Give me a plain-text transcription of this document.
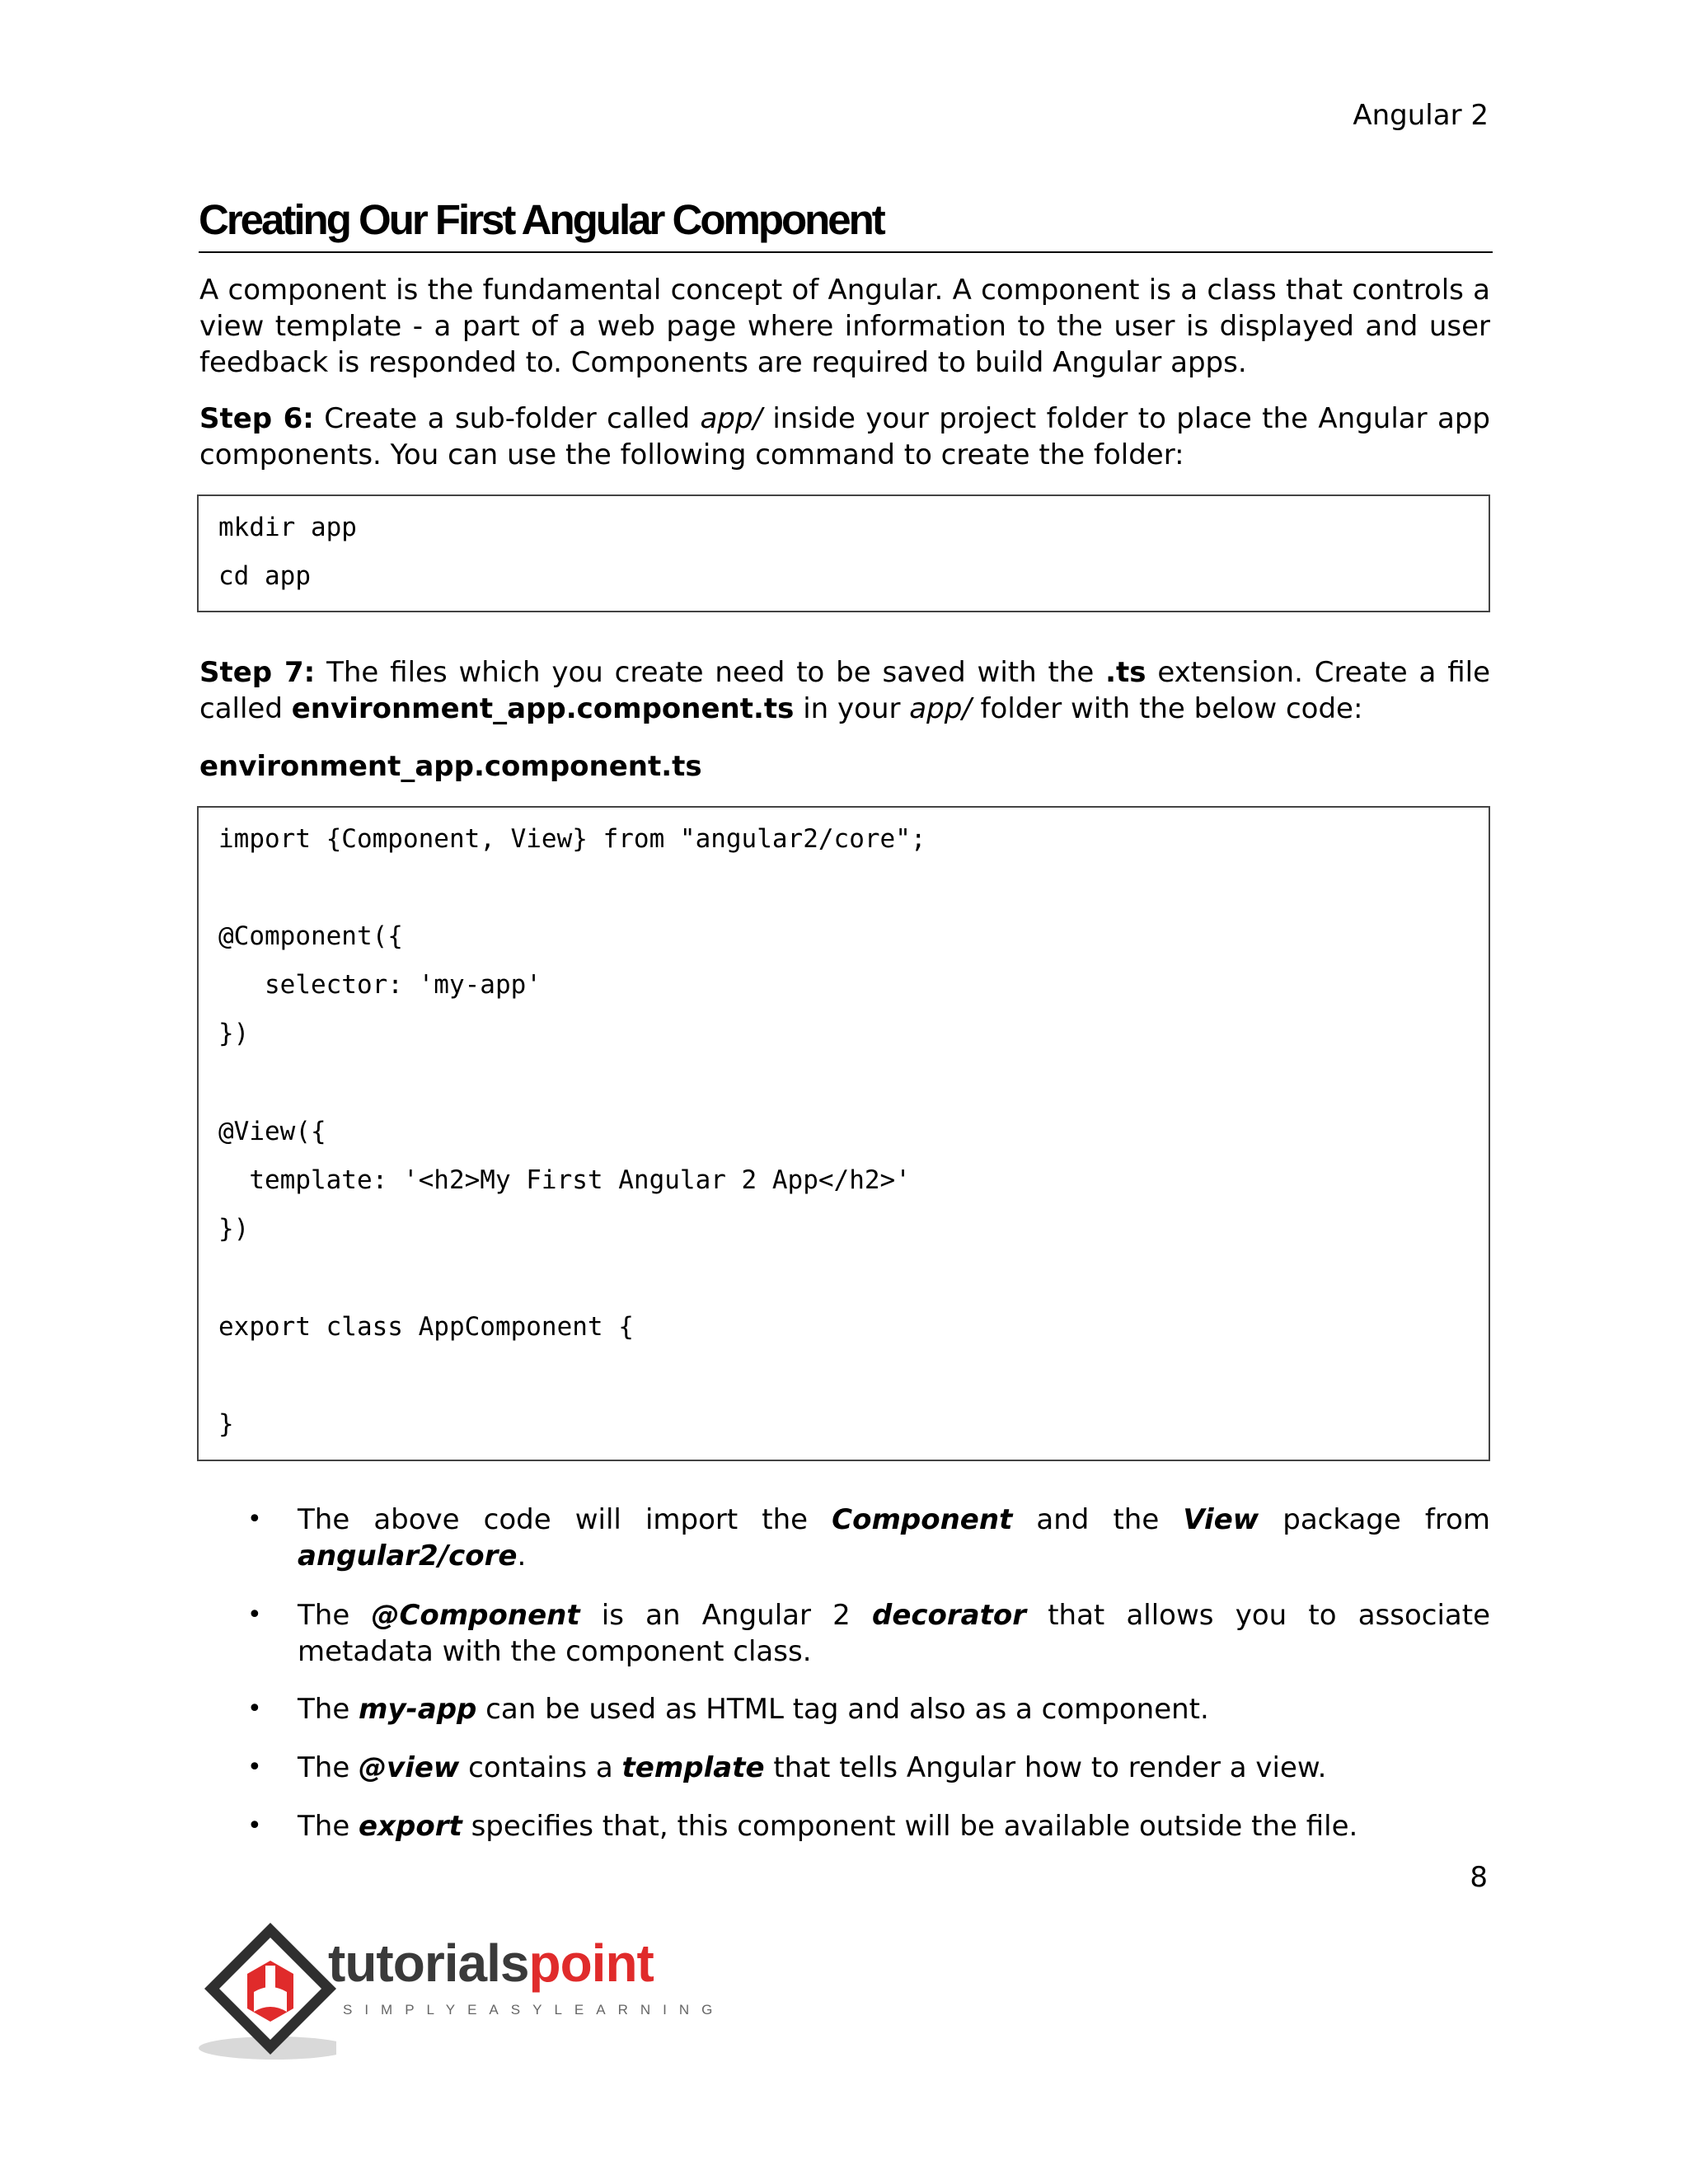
Angular 2
Creating Our First Angular Component

A component is the fundamental concept of Angular. A component is a class that controls a view template - a part of a web page where information to the user is displayed and user feedback is responded to. Components are required to build Angular apps.

Step 6: Create a sub-folder called app/ inside your project folder to place the Angular app components. You can use the following command to create the folder:

mkdir app
cd app

Step 7: The files which you create need to be saved with the .ts extension. Create a file called environment_app.component.ts in your app/ folder with the below code:

environment_app.component.ts

import {Component, View} from "angular2/core";
@Component({
selector: 'my-app'
})
@View({
template: '<h2>My First Angular 2 App</h2>'
})
export class AppComponent {
}
• The above code will import the Component and the View package from angular2/core.
• The @Component is an Angular 2 decorator that allows you to associate metadata with the component class.
• The my-app can be used as HTML tag and also as a component.
• The @view contains a template that tells Angular how to render a view.
• The export specifies that, this component will be available outside the file.
8
tutorialspoint
SIMPLYEASYLEARNING
